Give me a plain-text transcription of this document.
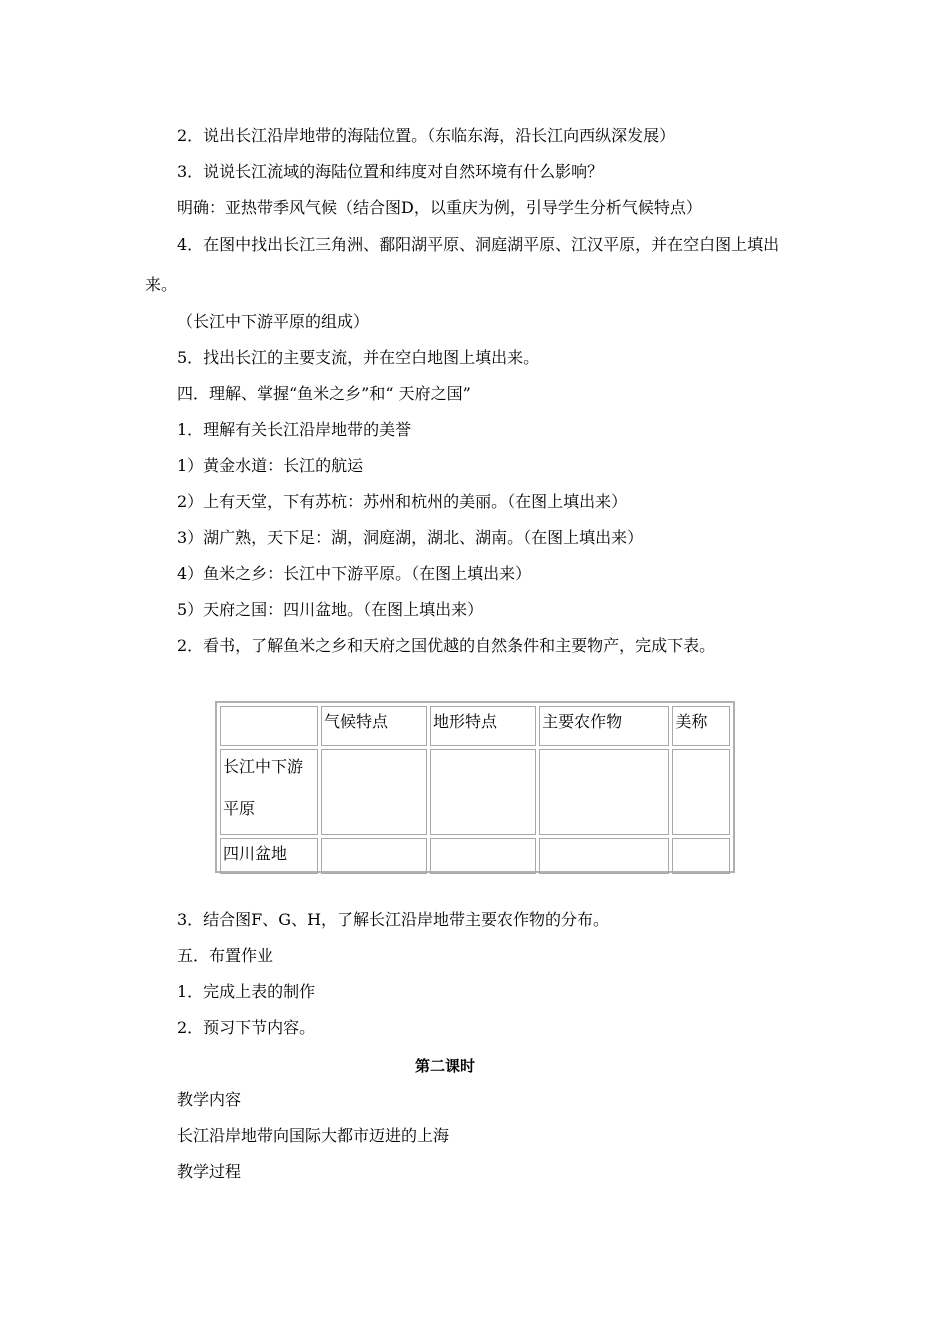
2．说出长江沿岸地带的海陆位置。（东临东海，沿长江向西纵深发展）
3．说说长江流域的海陆位置和纬度对自然环境有什么影响？
明确：亚热带季风气候（结合图D，以重庆为例，引导学生分析气候特点）
4．在图中找出长江三角洲、鄱阳湖平原、洞庭湖平原、江汉平原，并在空白图上填出
来。
（长江中下游平原的组成）
5．找出长江的主要支流，并在空白地图上填出来。
四．理解、掌握“鱼米之乡”和“ 天府之国”
1．理解有关长江沿岸地带的美誉
1）黄金水道：长江的航运
2）上有天堂，下有苏杭：苏州和杭州的美丽。（在图上填出来）
3）湖广熟，天下足：湖，洞庭湖，湖北、湖南。（在图上填出来）
4）鱼米之乡：长江中下游平原。（在图上填出来）
5）天府之国：四川盆地。（在图上填出来）
2．看书，了解鱼米之乡和天府之国优越的自然条件和主要物产，完成下表。

	气候特点	地形特点	主要农作物	美称

长江中下游平原				

四川盆地				

3．结合图F、G、H，了解长江沿岸地带主要农作物的分布。
五．布置作业
1．完成上表的制作
2．预习下节内容。
第二课时
教学内容
长江沿岸地带向国际大都市迈进的上海
教学过程
